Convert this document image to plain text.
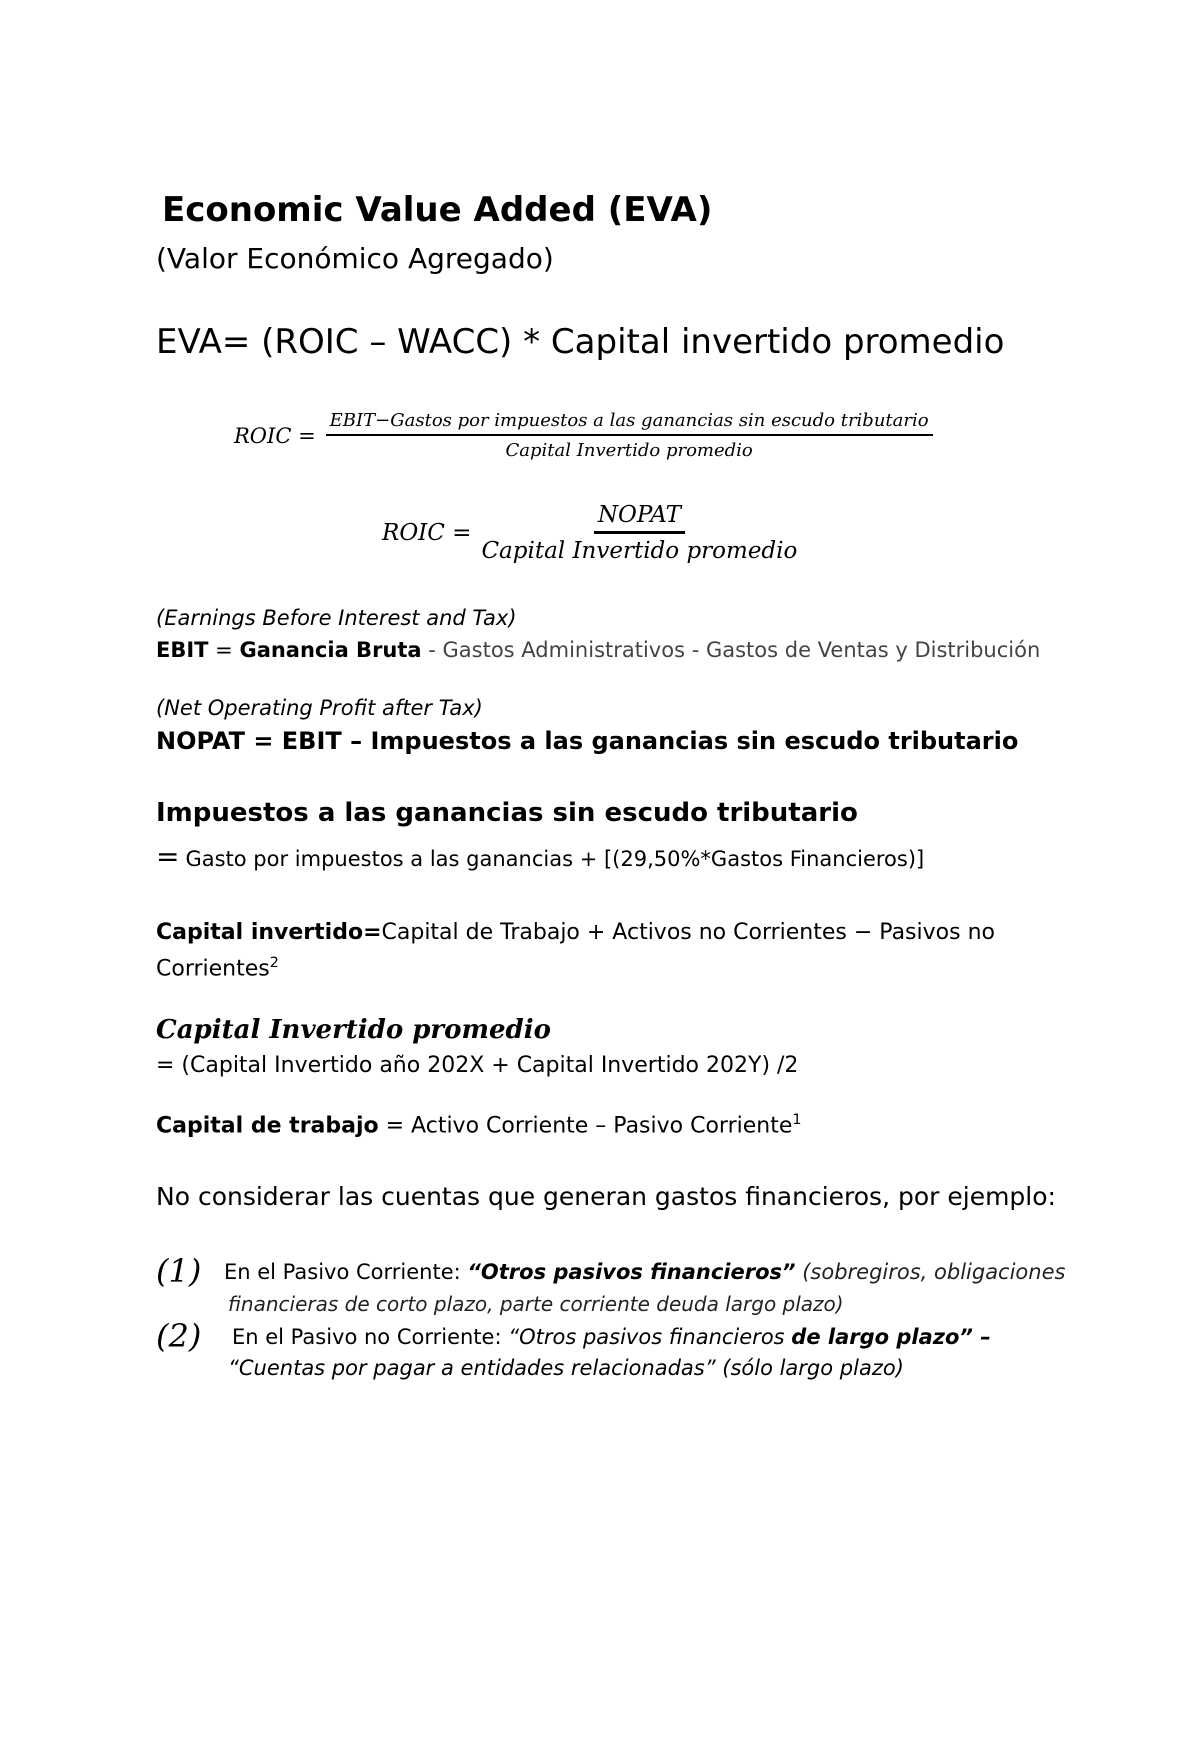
Economic Value Added (EVA)
(Valor Económico Agregado)
EVA= (ROIC – WACC) * Capital invertido promedio
ROIC =
EBIT−Gastos por impuestos a las ganancias sin escudo tributario
Capital Invertido promedio
ROIC = $\frac{\text{NOPAT}}{\text{Capital Invertido promedio}}$
(Earnings Before Interest and Tax)
EBIT = Ganancia Bruta - Gastos Administrativos - Gastos de Ventas y Distribución
(Net Operating Profit after Tax)
NOPAT = EBIT – Impuestos a las ganancias sin escudo tributario
Impuestos a las ganancias sin escudo tributario
= Gasto por impuestos a las ganancias + [(29,50%*Gastos Financieros)]
Capital invertido=Capital de Trabajo + Activos no Corrientes − Pasivos no
Corrientes$^2$
Capital Invertido promedio
= (Capital Invertido año 202X + Capital Invertido 202Y) /2
Capital de trabajo = Activo Corriente – Pasivo Corriente$^1$
No considerar las cuentas que generan gastos financieros, por ejemplo:
(1) En el Pasivo Corriente: “Otros pasivos financieros” (sobregiros, obligaciones
financieras de corto plazo, parte corriente deuda largo plazo)
(2) En el Pasivo no Corriente: “Otros pasivos financieros de largo plazo” –
“Cuentas por pagar a entidades relacionadas” (sólo largo plazo)
